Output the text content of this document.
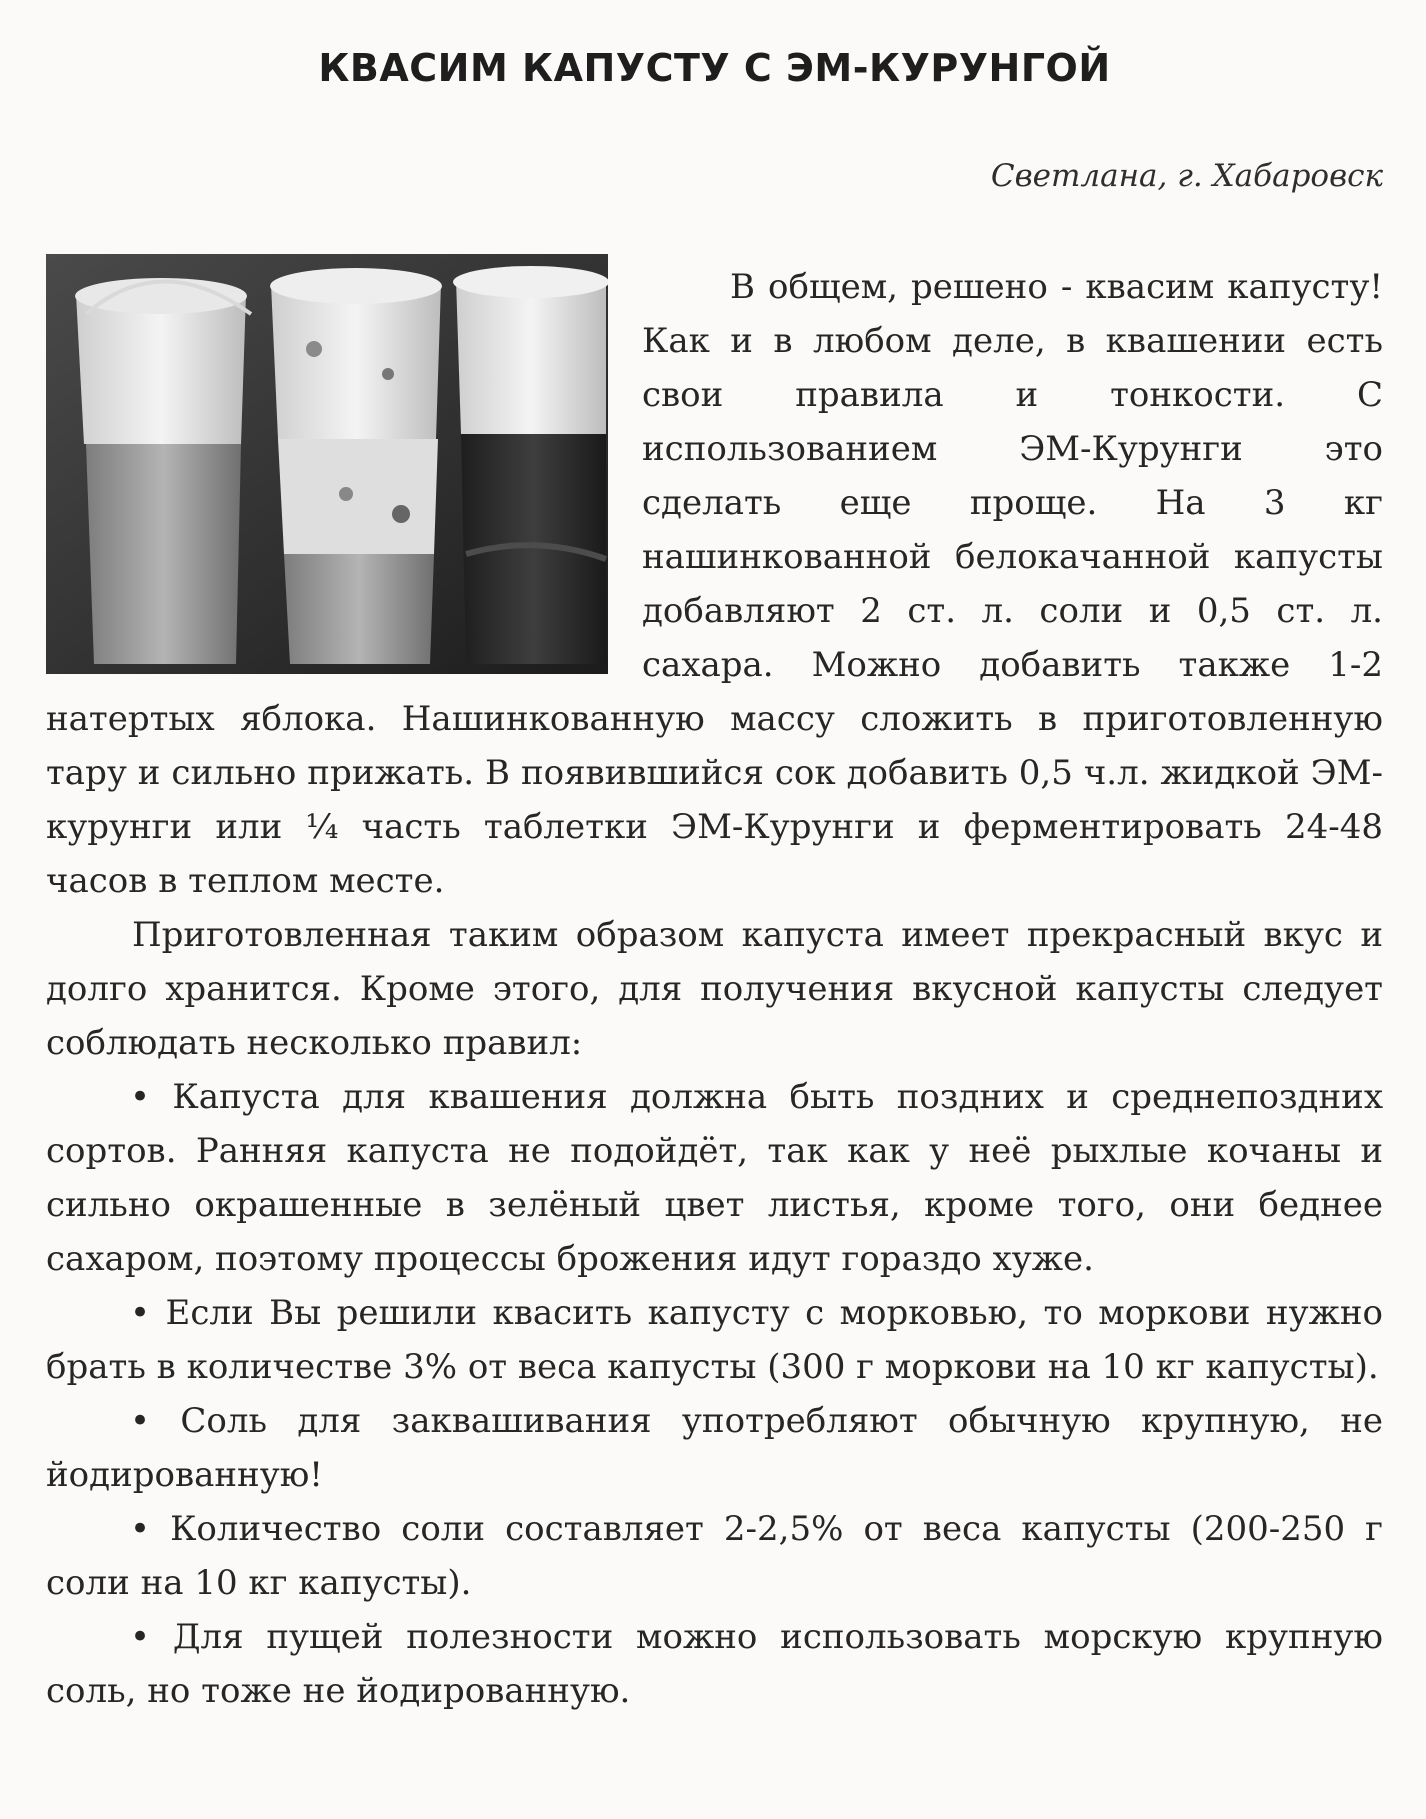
КВАСИМ КАПУСТУ С ЭМ-КУРУНГОЙ
Светлана, г. Хабаровск

В общем, решено - квасим капусту! Как и в любом деле, в квашении есть свои правила и тонкости. С использованием ЭМ-Курунги это сделать еще проще. На 3 кг нашинкованной белокачанной капусты добавляют 2 ст. л. соли и 0,5 ст. л. сахара. Можно добавить также 1-2 натертых яблока. Нашинкованную массу сложить в приготовленную тару и сильно прижать. В появившийся сок добавить 0,5 ч.л. жидкой ЭМ-курунги или ¼ часть таблетки ЭМ-Курунги и ферментировать 24-48 часов в теплом месте.

Приготовленная таким образом капуста имеет прекрасный вкус и долго хранится. Кроме этого, для получения вкусной капусты следует соблюдать несколько правил:

• Капуста для квашения должна быть поздних и среднепоздних сортов. Ранняя капуста не подойдёт, так как у неё рыхлые кочаны и сильно окрашенные в зелёный цвет листья, кроме того, они беднее сахаром, поэтому процессы брожения идут гораздо хуже.

• Если Вы решили квасить капусту с морковью, то моркови нужно брать в количестве 3% от веса капусты (300 г моркови на 10 кг капусты).

• Соль для заквашивания употребляют обычную крупную, не йодированную!

• Количество соли составляет 2-2,5% от веса капусты (200-250 г соли на 10 кг капусты).

• Для пущей полезности можно использовать морскую крупную соль, но тоже не йодированную.
